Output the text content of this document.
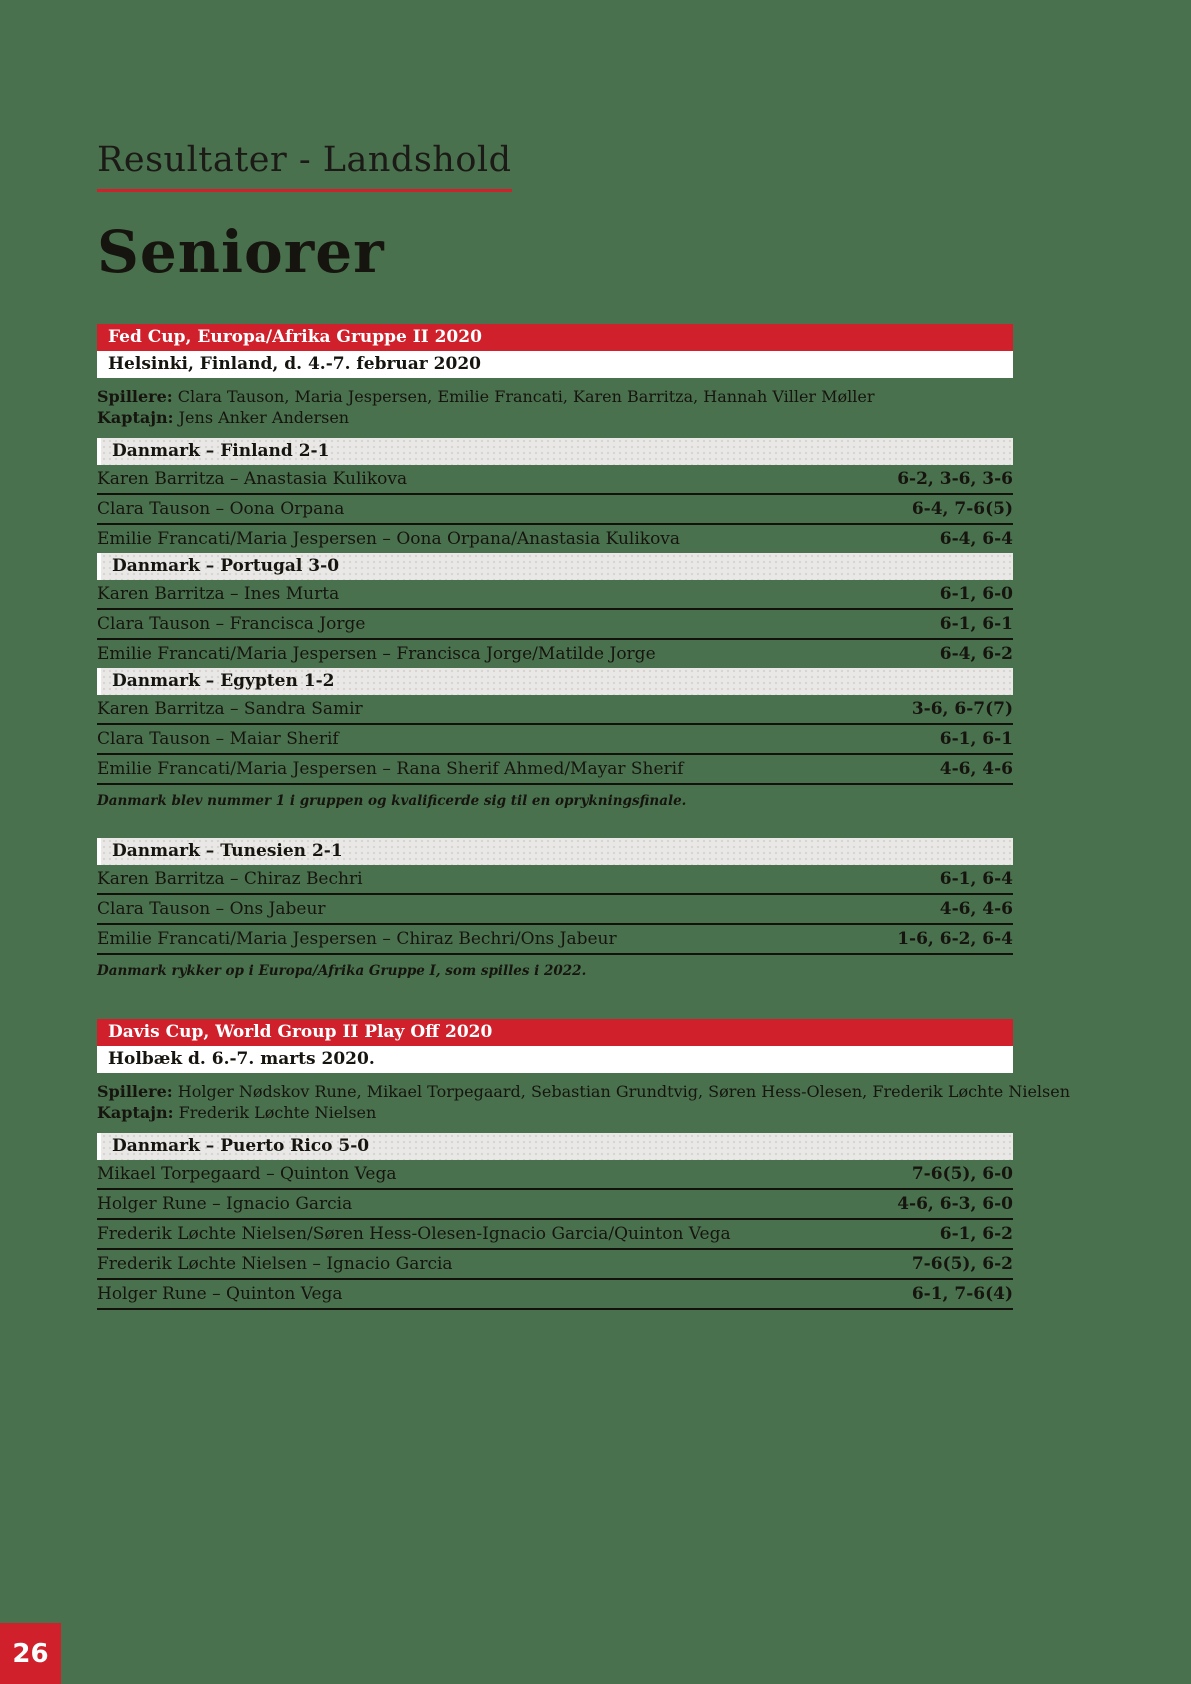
Resultater - Landshold
Seniorer
Fed Cup, Europa/Afrika Gruppe II 2020
Helsinki, Finland, d. 4.-7. februar 2020
Spillere: Clara Tauson, Maria Jespersen, Emilie Francati, Karen Barritza, Hannah Viller Møller
Kaptajn: Jens Anker Andersen
Danmark – Finland 2-1
Karen Barritza – Anastasia Kulikova	6-2, 3-6, 3-6
Clara Tauson – Oona Orpana	6-4, 7-6(5)
Emilie Francati/Maria Jespersen – Oona Orpana/Anastasia Kulikova	6-4, 6-4
Danmark – Portugal 3-0
Karen Barritza – Ines Murta	6-1, 6-0
Clara Tauson – Francisca Jorge	6-1, 6-1
Emilie Francati/Maria Jespersen – Francisca Jorge/Matilde Jorge	6-4, 6-2
Danmark – Egypten 1-2
Karen Barritza – Sandra Samir	3-6, 6-7(7)
Clara Tauson – Maiar Sherif	6-1, 6-1
Emilie Francati/Maria Jespersen – Rana Sherif Ahmed/Mayar Sherif	4-6, 4-6
Danmark blev nummer 1 i gruppen og kvalificerde sig til en oprykningsfinale.
Danmark – Tunesien 2-1
Karen Barritza – Chiraz Bechri	6-1, 6-4
Clara Tauson – Ons Jabeur	4-6, 4-6
Emilie Francati/Maria Jespersen – Chiraz Bechri/Ons Jabeur	1-6, 6-2, 6-4
Danmark rykker op i Europa/Afrika Gruppe I, som spilles i 2022.
Davis Cup, World Group II Play Off 2020
Holbæk d. 6.-7. marts 2020.
Spillere: Holger Nødskov Rune, Mikael Torpegaard, Sebastian Grundtvig, Søren Hess-Olesen, Frederik Løchte Nielsen
Kaptajn: Frederik Løchte Nielsen
Danmark – Puerto Rico 5-0
Mikael Torpegaard – Quinton Vega	7-6(5), 6-0
Holger Rune – Ignacio Garcia	4-6, 6-3, 6-0
Frederik Løchte Nielsen/Søren Hess-Olesen-Ignacio Garcia/Quinton Vega	6-1, 6-2
Frederik Løchte Nielsen – Ignacio Garcia	7-6(5), 6-2
Holger Rune – Quinton Vega	6-1, 7-6(4)
26
